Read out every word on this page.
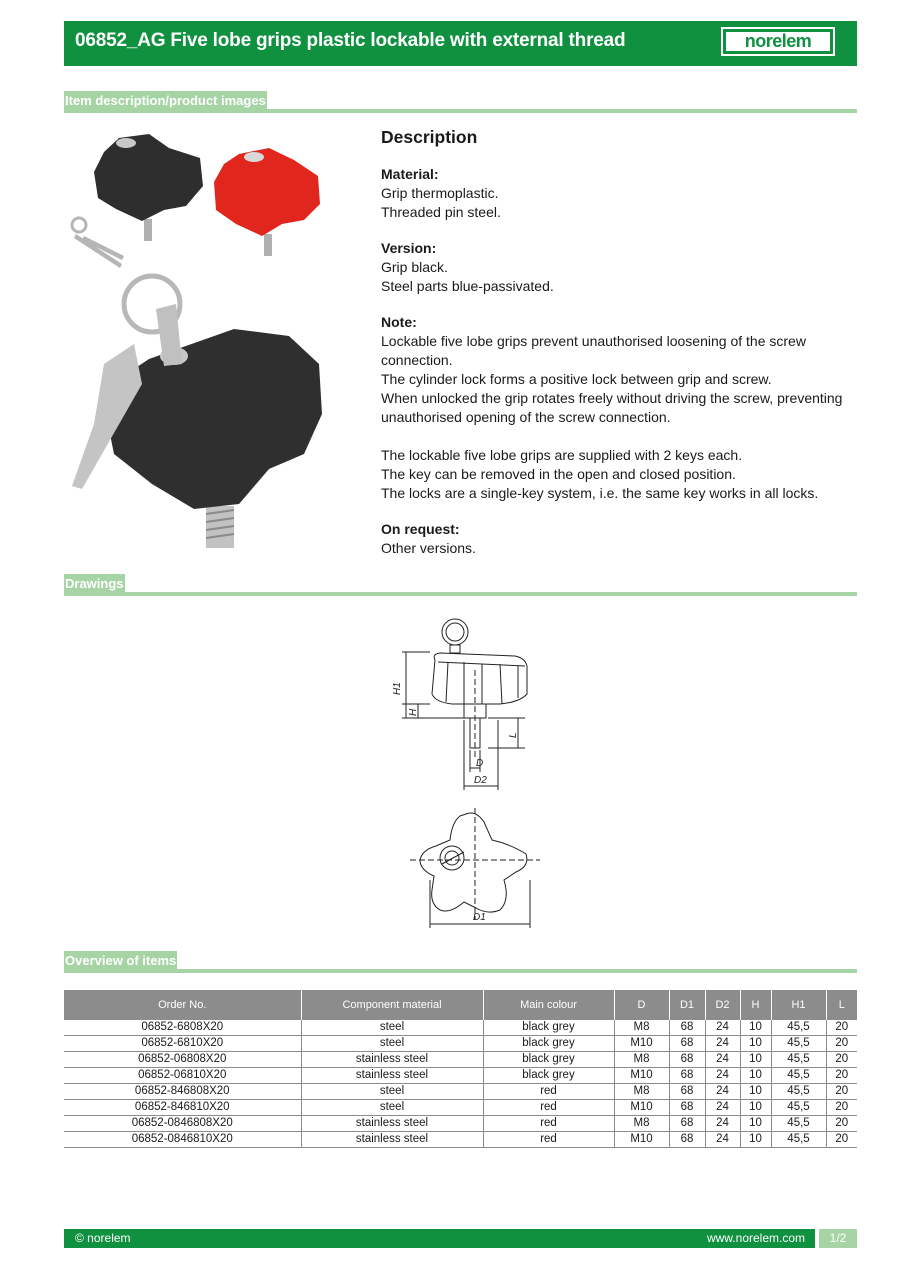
06852_AG Five lobe grips plastic lockable with external thread	norelem
Item description/product images
Description
Material:
Grip thermoplastic.
Threaded pin steel.
Version:
Grip black.
Steel parts blue-passivated.
Note:
Lockable five lobe grips prevent unauthorised loosening of the screw connection.
The cylinder lock forms a positive lock between grip and screw.
When unlocked the grip rotates freely without driving the screw, preventing
unauthorised opening of the screw connection.
The lockable five lobe grips are supplied with 2 keys each.
The key can be removed in the open and closed position.
The locks are a single-key system, i.e. the same key works in all locks.
On request:
Other versions.
Drawings
H1
H
L
D
D2
D1
Overview of items
Order No.	Component material	Main colour	D	D1	D2	H	H1	L
06852-6808X20	steel	black grey	M8	68	24	10	45,5	20
06852-6810X20	steel	black grey	M10	68	24	10	45,5	20
06852-06808X20	stainless steel	black grey	M8	68	24	10	45,5	20
06852-06810X20	stainless steel	black grey	M10	68	24	10	45,5	20
06852-846808X20	steel	red	M8	68	24	10	45,5	20
06852-846810X20	steel	red	M10	68	24	10	45,5	20
06852-0846808X20	stainless steel	red	M8	68	24	10	45,5	20
06852-0846810X20	stainless steel	red	M10	68	24	10	45,5	20
© norelem	www.norelem.com	1/2
